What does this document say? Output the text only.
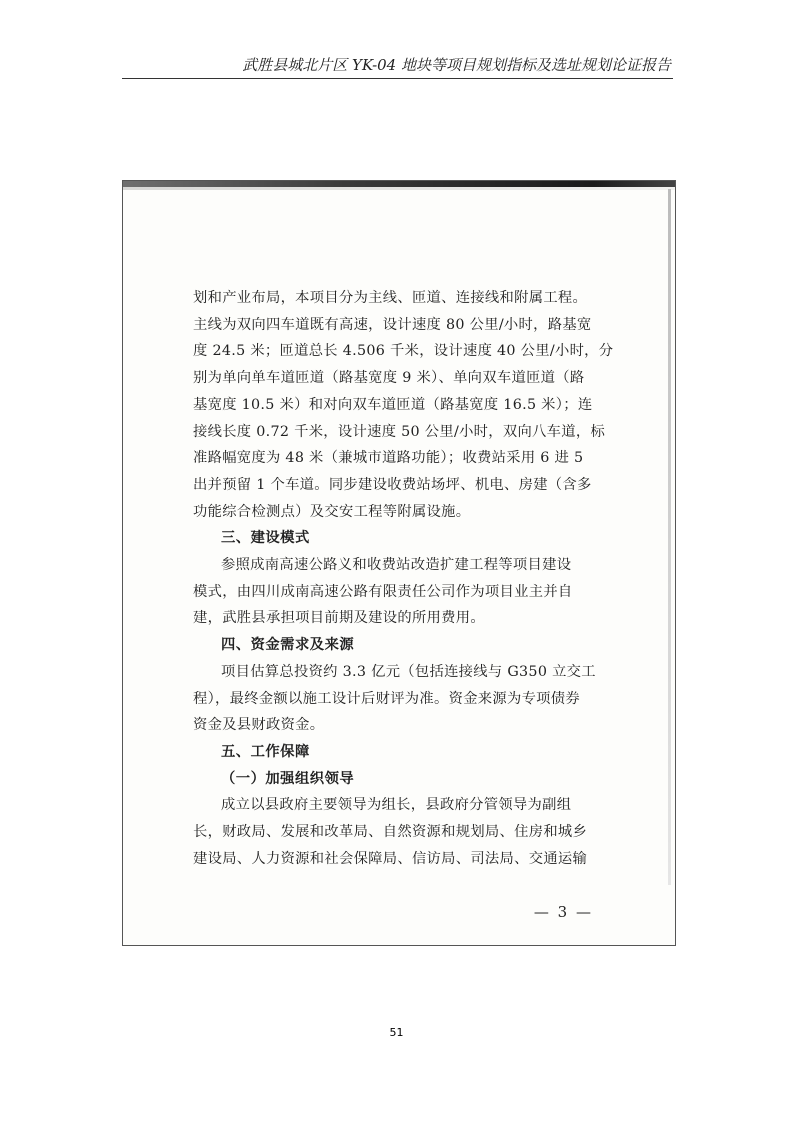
武胜县城北片区 YK-04 地块等项目规划指标及选址规划论证报告
划和产业布局，本项目分为主线、匝道、连接线和附属工程。
主线为双向四车道既有高速，设计速度 80 公里/小时，路基宽
度 24.5 米；匝道总长 4.506 千米，设计速度 40 公里/小时，分
别为单向单车道匝道（路基宽度 9 米）、单向双车道匝道（路
基宽度 10.5 米）和对向双车道匝道（路基宽度 16.5 米）；连
接线长度 0.72 千米，设计速度 50 公里/小时，双向八车道，标
准路幅宽度为 48 米（兼城市道路功能）；收费站采用 6 进 5
出并预留 1 个车道。同步建设收费站场坪、机电、房建（含多
功能综合检测点）及交安工程等附属设施。
三、建设模式
参照成南高速公路义和收费站改造扩建工程等项目建设
模式，由四川成南高速公路有限责任公司作为项目业主并自
建，武胜县承担项目前期及建设的所用费用。
四、资金需求及来源
项目估算总投资约 3.3 亿元（包括连接线与 G350 立交工
程），最终金额以施工设计后财评为准。资金来源为专项债券
资金及县财政资金。
五、工作保障
（一）加强组织领导
成立以县政府主要领导为组长，县政府分管领导为副组
长，财政局、发展和改革局、自然资源和规划局、住房和城乡
建设局、人力资源和社会保障局、信访局、司法局、交通运输
— 3 —
51
